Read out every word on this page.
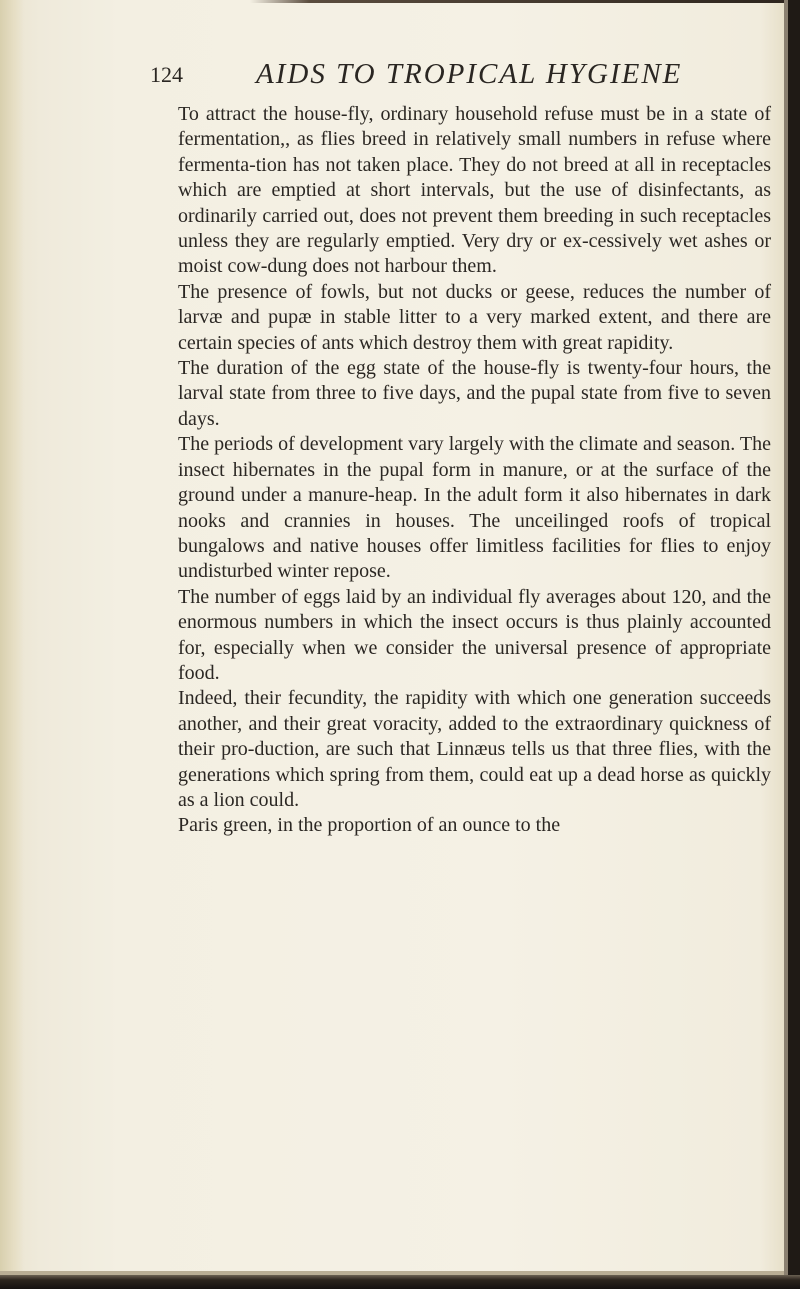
124	AIDS TO TROPICAL HYGIENE

To attract the house-fly, ordinary household refuse must be in a state of fermentation,, as flies breed in relatively small numbers in refuse where fermenta-tion has not taken place. They do not breed at all in receptacles which are emptied at short intervals, but the use of disinfectants, as ordinarily carried out, does not prevent them breeding in such receptacles unless they are regularly emptied. Very dry or ex-cessively wet ashes or moist cow-dung does not harbour them.

The presence of fowls, but not ducks or geese, reduces the number of larvæ and pupæ in stable litter to a very marked extent, and there are certain species of ants which destroy them with great rapidity.

The duration of the egg state of the house-fly is twenty-four hours, the larval state from three to five days, and the pupal state from five to seven days.

The periods of development vary largely with the climate and season. The insect hibernates in the pupal form in manure, or at the surface of the ground under a manure-heap. In the adult form it also hibernates in dark nooks and crannies in houses. The unceilinged roofs of tropical bungalows and native houses offer limitless facilities for flies to enjoy undisturbed winter repose.

The number of eggs laid by an individual fly averages about 120, and the enormous numbers in which the insect occurs is thus plainly accounted for, especially when we consider the universal presence of appropriate food.

Indeed, their fecundity, the rapidity with which one generation succeeds another, and their great voracity, added to the extraordinary quickness of their pro-duction, are such that Linnæus tells us that three flies, with the generations which spring from them, could eat up a dead horse as quickly as a lion could.

Paris green, in the proportion of an ounce to the
